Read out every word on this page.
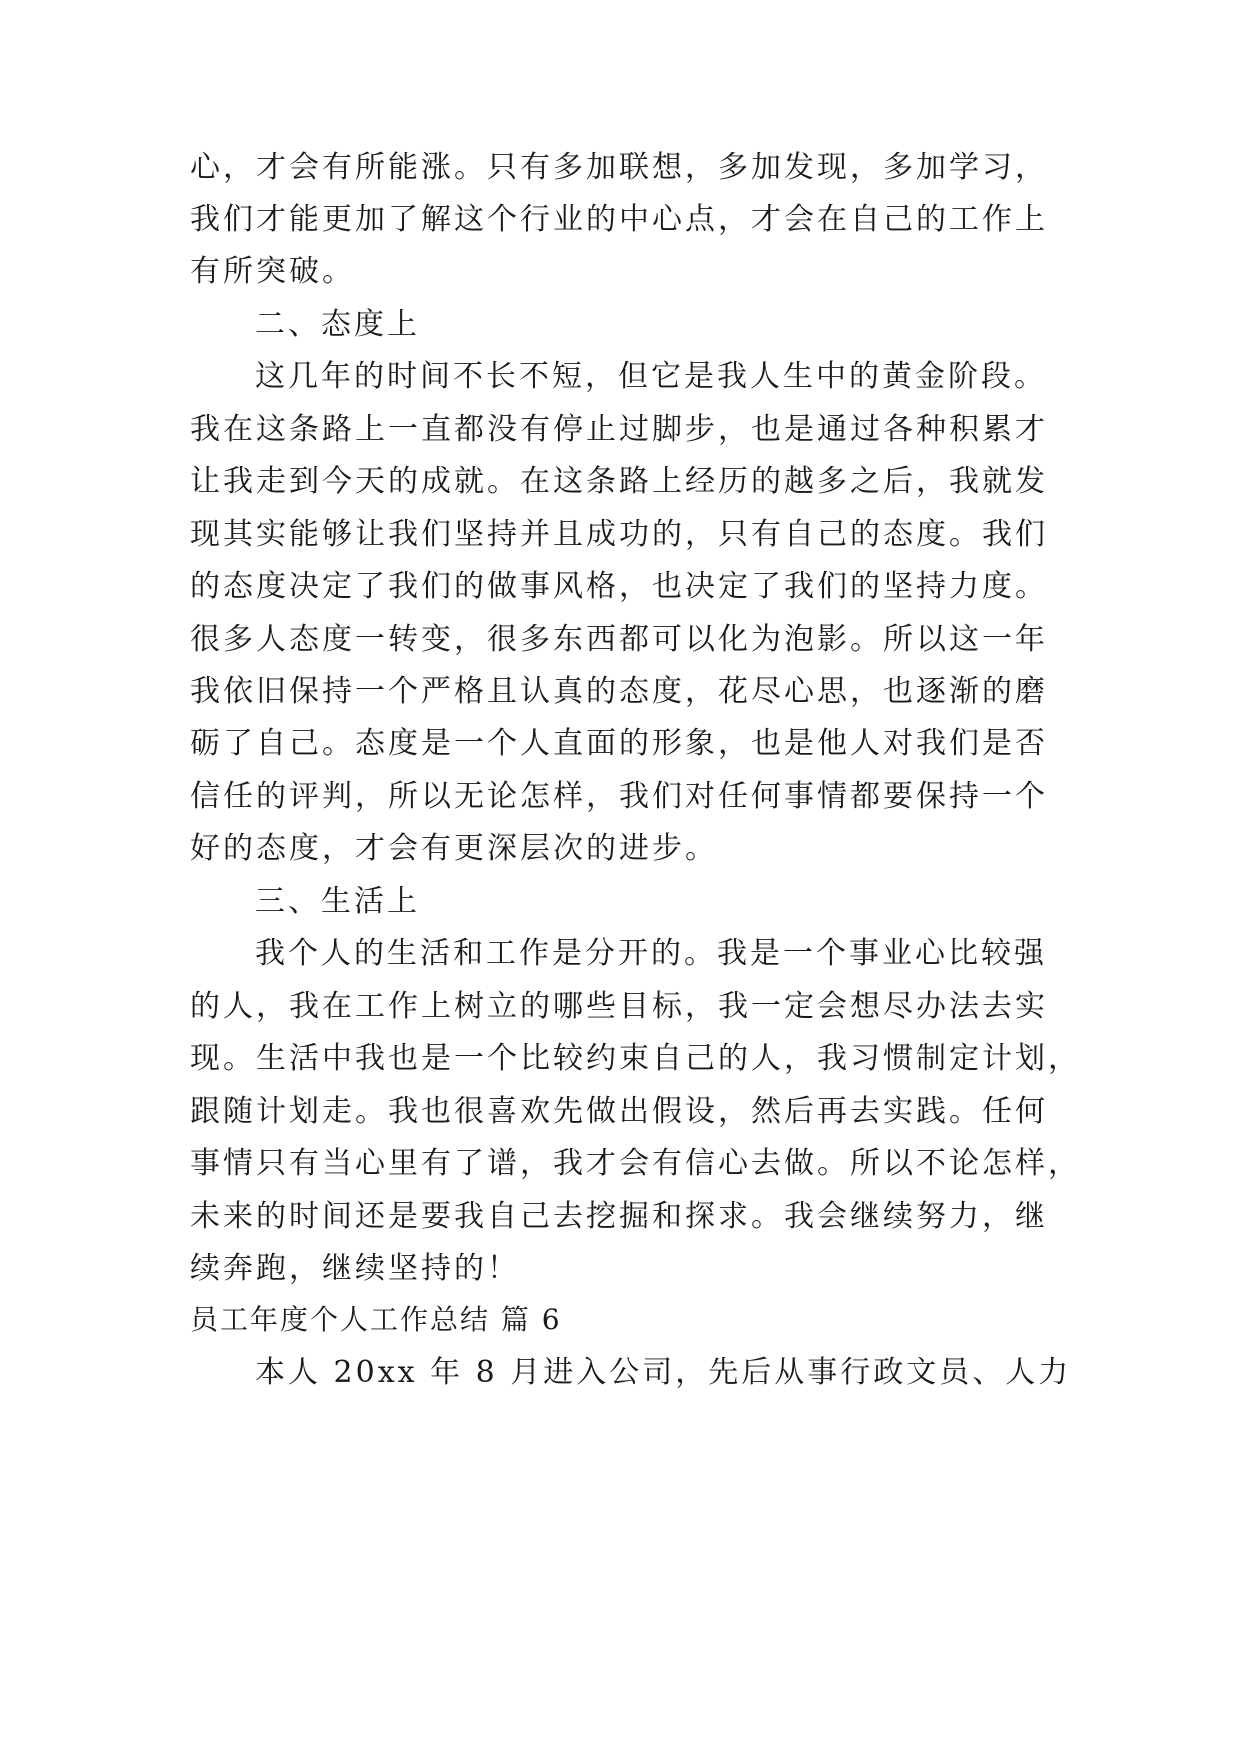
心，才会有所能涨。只有多加联想，多加发现，多加学习，
我们才能更加了解这个行业的中心点，才会在自己的工作上
有所突破。
二、态度上
这几年的时间不长不短，但它是我人生中的黄金阶段。
我在这条路上一直都没有停止过脚步，也是通过各种积累才
让我走到今天的成就。在这条路上经历的越多之后，我就发
现其实能够让我们坚持并且成功的，只有自己的态度。我们
的态度决定了我们的做事风格，也决定了我们的坚持力度。
很多人态度一转变，很多东西都可以化为泡影。所以这一年
我依旧保持一个严格且认真的态度，花尽心思，也逐渐的磨
砺了自己。态度是一个人直面的形象，也是他人对我们是否
信任的评判，所以无论怎样，我们对任何事情都要保持一个
好的态度，才会有更深层次的进步。
三、生活上
我个人的生活和工作是分开的。我是一个事业心比较强
的人，我在工作上树立的哪些目标，我一定会想尽办法去实
现。生活中我也是一个比较约束自己的人，我习惯制定计划，
跟随计划走。我也很喜欢先做出假设，然后再去实践。任何
事情只有当心里有了谱，我才会有信心去做。所以不论怎样，
未来的时间还是要我自己去挖掘和探求。我会继续努力，继
续奔跑，继续坚持的！
员工年度个人工作总结 篇 6
本人 20xx 年 8 月进入公司，先后从事行政文员、人力
